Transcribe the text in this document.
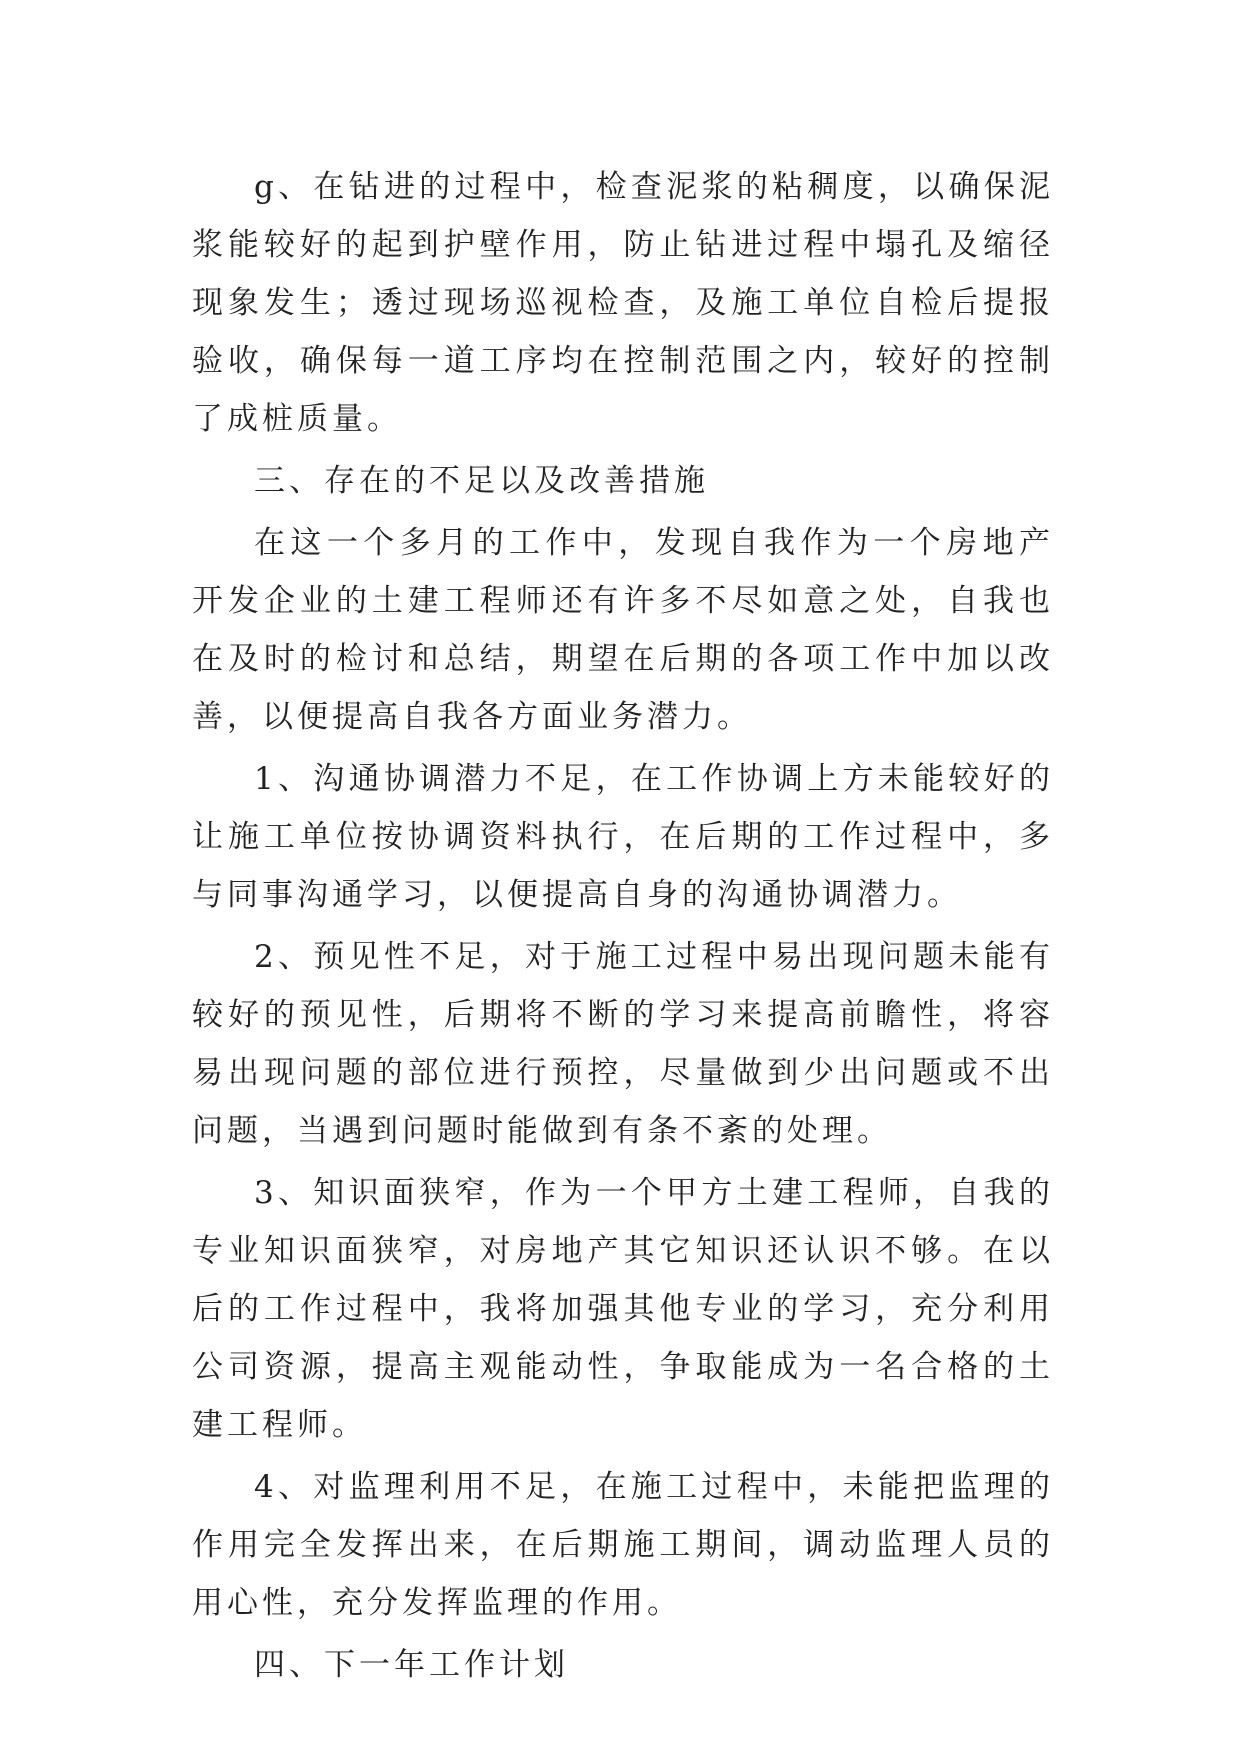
g、在钻进的过程中，检查泥浆的粘稠度，以确保泥浆能较好的起到护壁作用，防止钻进过程中塌孔及缩径现象发生；透过现场巡视检查，及施工单位自检后提报验收，确保每一道工序均在控制范围之内，较好的控制了成桩质量。

三、存在的不足以及改善措施

在这一个多月的工作中，发现自我作为一个房地产开发企业的土建工程师还有许多不尽如意之处，自我也在及时的检讨和总结，期望在后期的各项工作中加以改善，以便提高自我各方面业务潜力。

1、沟通协调潜力不足，在工作协调上方未能较好的让施工单位按协调资料执行，在后期的工作过程中，多与同事沟通学习，以便提高自身的沟通协调潜力。

2、预见性不足，对于施工过程中易出现问题未能有较好的预见性，后期将不断的学习来提高前瞻性，将容易出现问题的部位进行预控，尽量做到少出问题或不出问题，当遇到问题时能做到有条不紊的处理。

3、知识面狭窄，作为一个甲方土建工程师，自我的专业知识面狭窄，对房地产其它知识还认识不够。在以后的工作过程中，我将加强其他专业的学习，充分利用公司资源，提高主观能动性，争取能成为一名合格的土建工程师。

4、对监理利用不足，在施工过程中，未能把监理的作用完全发挥出来，在后期施工期间，调动监理人员的用心性，充分发挥监理的作用。

四、下一年工作计划
